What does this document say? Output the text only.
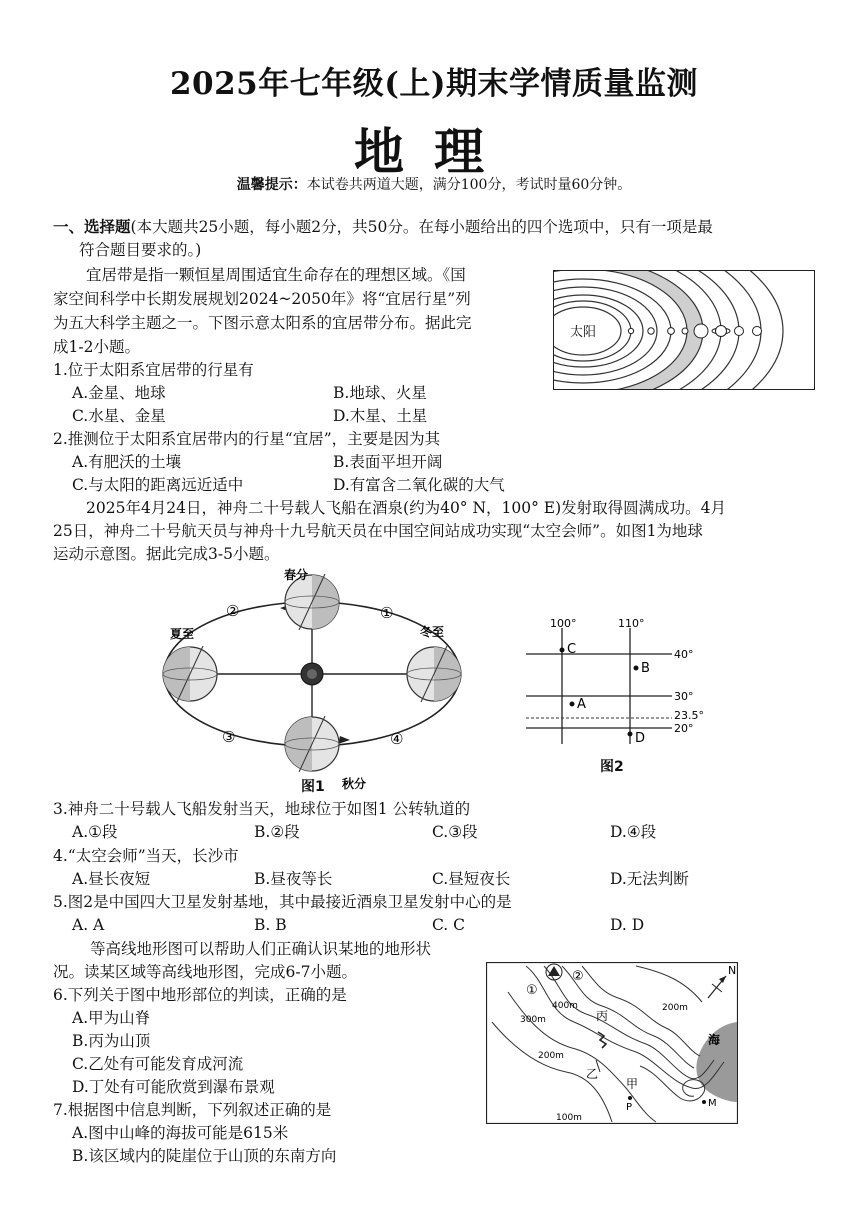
2025年七年级(上)期末学情质量监测
地理
温馨提示：本试卷共两道大题，满分100分，考试时量60分钟。
一、选择题(本大题共25小题，每小题2分，共50分。在每小题给出的四个选项中，只有一项是最
符合题目要求的。)
宜居带是指一颗恒星周围适宜生命存在的理想区域。《国
家空间科学中长期发展规划2024~2050年》将“宜居行星”列
为五大科学主题之一。下图示意太阳系的宜居带分布。据此完
成1-2小题。
太阳
1.位于太阳系宜居带的行星有
A.金星、地球	B.地球、火星
C.水星、金星	D.木星、土星
2.推测位于太阳系宜居带内的行星“宜居”，主要是因为其
A.有肥沃的土壤	B.表面平坦开阔
C.与太阳的距离远近适中	D.有富含二氧化碳的大气
2025年4月24日，神舟二十号载人飞船在酒泉(约为40° N，100° E)发射取得圆满成功。4月
25日，神舟二十号航天员与神舟十九号航天员在中国空间站成功实现“太空会师”。如图1为地球
运动示意图。据此完成3-5小题。
春分
夏至	冬至
秋分
①
②
③	④
图1
100°	110°
40°
30°
23.5°
20°
C
B
A
D
图2
3.神舟二十号载人飞船发射当天，地球位于如图1 公转轨道的
A.①段	B.②段	C.③段	D.④段
4.“太空会师”当天，长沙市
A.昼长夜短	B.昼夜等长	C.昼短夜长	D.无法判断
5.图2是中国四大卫星发射基地，其中最接近酒泉卫星发射中心的是
A. A	B. B	C. C	D. D
等高线地形图可以帮助人们正确认识某地的地形状
况。读某区域等高线地形图，完成6-7小题。	N
200m
400m
300m
200m
100m
海
丙
乙
甲
P	M
①
②
6.下列关于图中地形部位的判读，正确的是
A.甲为山脊
B.丙为山顶
C.乙处有可能发育成河流
D.丁处有可能欣赏到瀑布景观
7.根据图中信息判断，下列叙述正确的是
A.图中山峰的海拔可能是615米
B.该区域内的陡崖位于山顶的东南方向
